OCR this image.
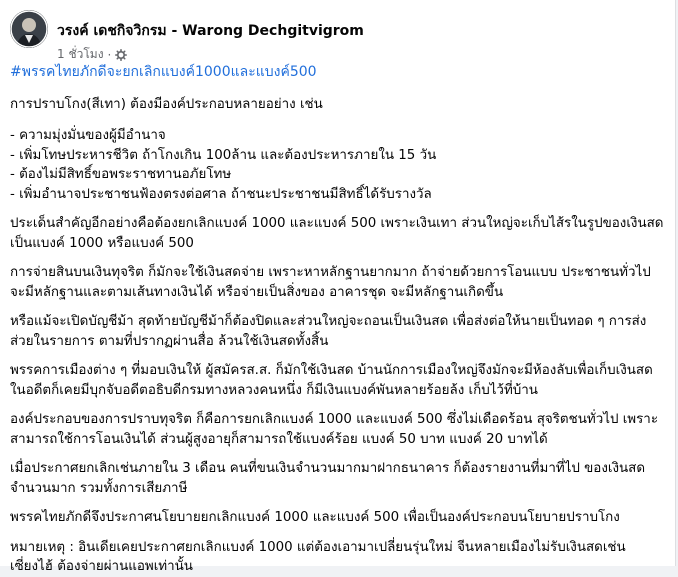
วรงค์ เดชกิจวิกรม - Warong Dechgitvigrom
1 ชั่วโมง ·

#พรรคไทยภักดีจะยกเลิกแบงค์1000และแบงค์500

การปราบโกง(สีเทา) ต้องมีองค์ประกอบหลายอย่าง เช่น

- ความมุ่งมั่นของผู้มีอำนาจ
- เพิ่มโทษประหารชีวิต ถ้าโกงเกิน 100ล้าน และต้องประหารภายใน 15 วัน
- ต้องไม่มีสิทธิ์ขอพระราชทานอภัยโทษ
- เพิ่มอำนาจประชาชนฟ้องตรงต่อศาล ถ้าชนะประชาชนมีสิทธิ์ได้รับรางวัล

ประเด็นสำคัญอีกอย่างคือต้องยกเลิกแบงค์ 1000 และแบงค์ 500 เพราะเงินเทา ส่วนใหญ่จะเก็บไส้รในรูปของเงินสด เป็นแบงค์ 1000 หรือแบงค์ 500

การจ่ายสินบนเงินทุจริต ก็มักจะใช้เงินสดจ่าย เพราะหาหลักฐานยากมาก ถ้าจ่ายด้วยการโอนแบบ ประชาชนทั่วไป จะมีหลักฐานและตามเส้นทางเงินได้ หรือจ่ายเป็นสิ่งของ อาคารชุด จะมีหลักฐานเกิดขึ้น

หรือแม้จะเปิดบัญชีม้า สุดท้ายบัญชีม้าก็ต้องปิดและส่วนใหญ่จะถอนเป็นเงินสด เพื่อส่งต่อให้นายเป็นทอด ๆ การส่งส่วยในรายการ ตามที่ปรากฏผ่านสื่อ ล้วนใช้เงินสดทั้งสิ้น

พรรคการเมืองต่าง ๆ ที่มอบเงินให้ ผู้สมัครส.ส. ก็มักใช้เงินสด บ้านนักการเมืองใหญ่จึงมักจะมีห้องลับเพื่อเก็บเงินสด ในอดีตก็เคยมีบุกจับอดีตอธิบดีกรมทางหลวงคนหนึ่ง ก็มีเงินแบงค์พันหลายร้อยล้ง เก็บไว้ที่บ้าน

องค์ประกอบของการปราบทุจริต ก็คือการยกเลิกแบงค์ 1000 และแบงค์ 500 ซึ่งไม่เดือดร้อน สุจริตชนทั่วไป เพราะสามารถใช้การโอนเงินได้ ส่วนผู้สูงอายุก็สามารถใช้แบงค์ร้อย แบงค์ 50 บาท แบงค์ 20 บาทได้

เมื่อประกาศยกเลิกเช่นภายใน 3 เดือน คนที่ขนเงินจำนวนมากมาฝากธนาคาร ก็ต้องรายงานที่มาที่ไป ของเงินสดจำนวนมาก รวมทั้งการเสียภาษี

พรรคไทยภักดีจึงประกาศนโยบายยกเลิกแบงค์ 1000 และแบงค์ 500 เพื่อเป็นองค์ประกอบนโยบายปราบโกง

หมายเหตุ : อินเดียเคยประกาศยกเลิกแบงค์ 1000 แต่ต้องเอามาเปลี่ยนรุ่นใหม่ จีนหลายเมืองไม่รับเงินสดเช่นเซี่ยงไฮ้ ต้องจ่ายผ่านแอพเท่านั้น
